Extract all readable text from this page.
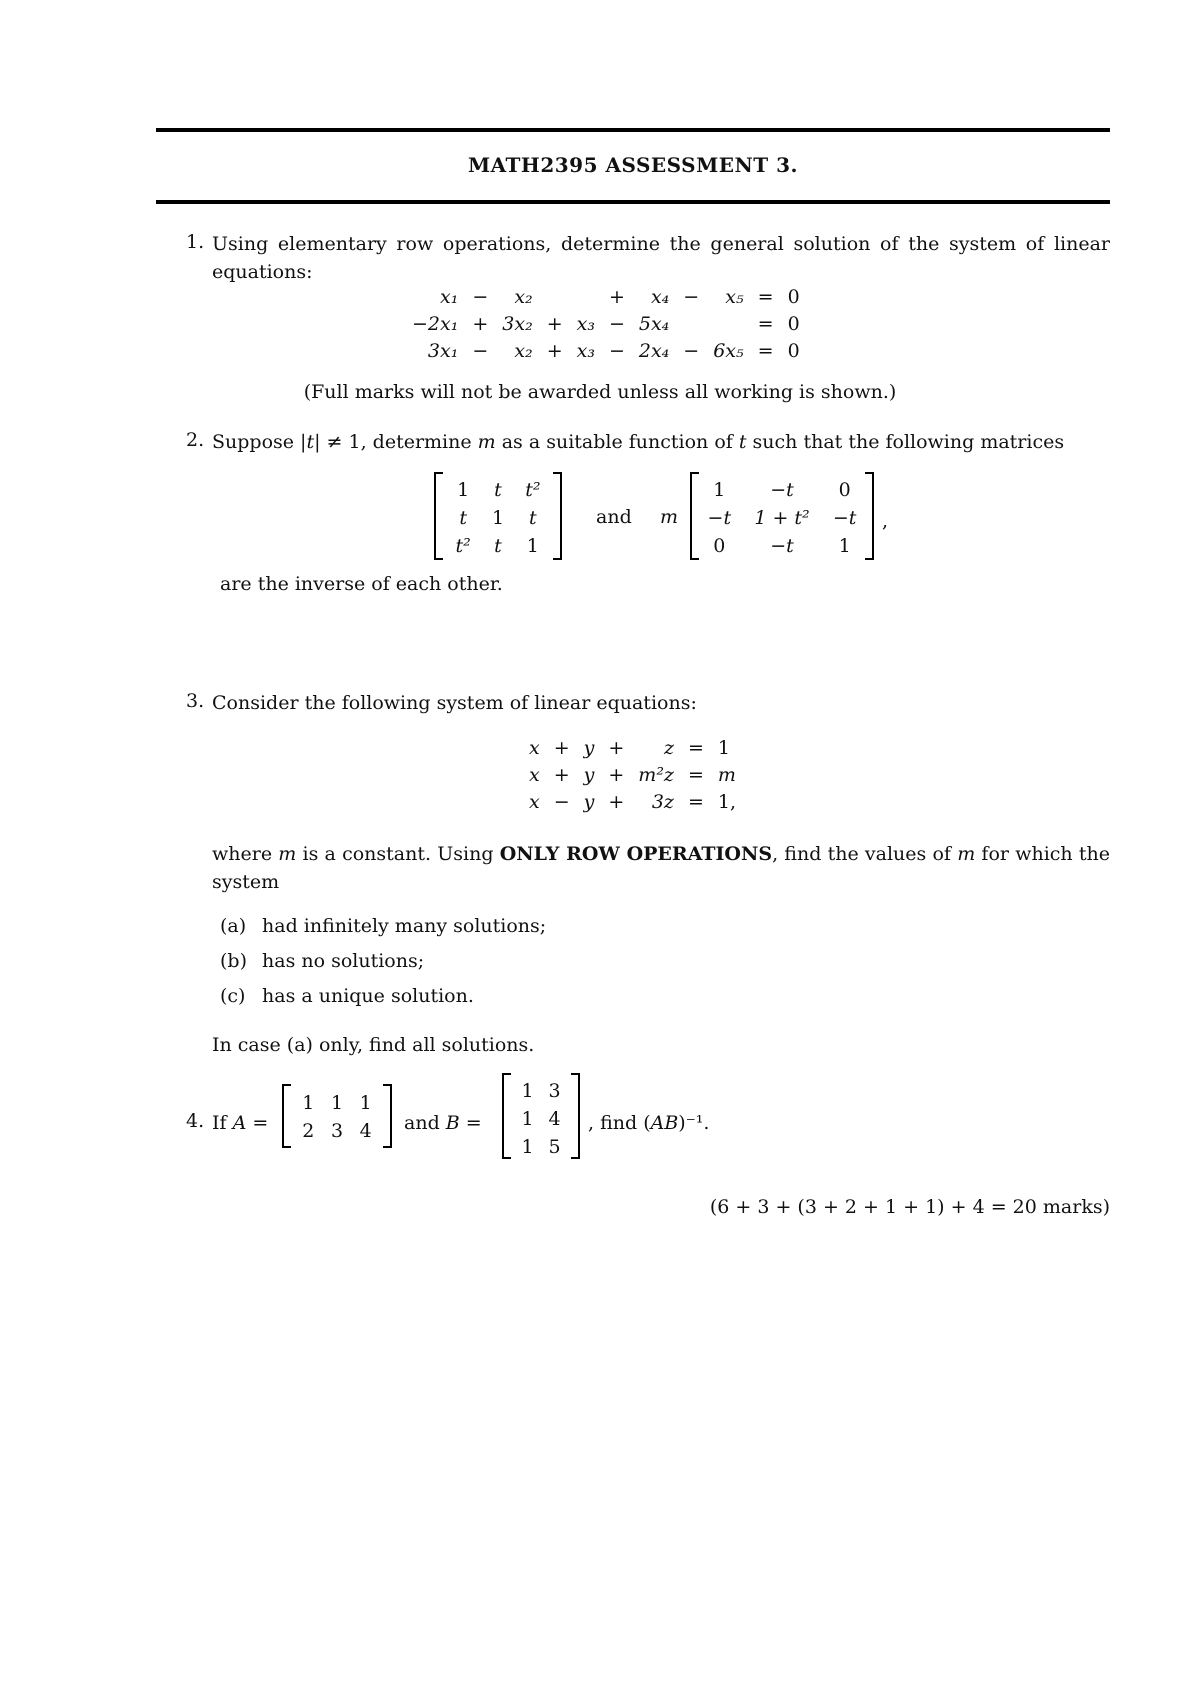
MATH2395 ASSESSMENT 3.
1. Using elementary row operations, determine the general solution of the system of linear equations:
x₁	−	x₂			+	x₄	−	x₅	=	0
−2x₁	+	3x₂	+	x₃	−	5x₄			=	0
3x₁	−	x₂	+	x₃	−	2x₄	−	6x₅	=	0
(Full marks will not be awarded unless all working is shown.)
2. Suppose |t| ≠ 1, determine m as a suitable function of t such that the following matrices
1	t	t²
t	1	t
t²	t	1
and m
1	−t	0
−t	1 + t²	−t
0	−t	1
,
are the inverse of each other.
3. Consider the following system of linear equations:
x	+	y	+	z	=	1
x	+	y	+	m²z	=	m
x	−	y	+	3z	=	1,
where m is a constant. Using ONLY ROW OPERATIONS, find the values of m for which the system
(a) had infinitely many solutions;
(b) has no solutions;
(c) has a unique solution.
In case (a) only, find all solutions.
4. If A =
1	1	1
2	3	4 and B =
1	3
1	4
1	5
, find (AB)⁻¹.
(6 + 3 + (3 + 2 + 1 + 1) + 4 = 20 marks)
